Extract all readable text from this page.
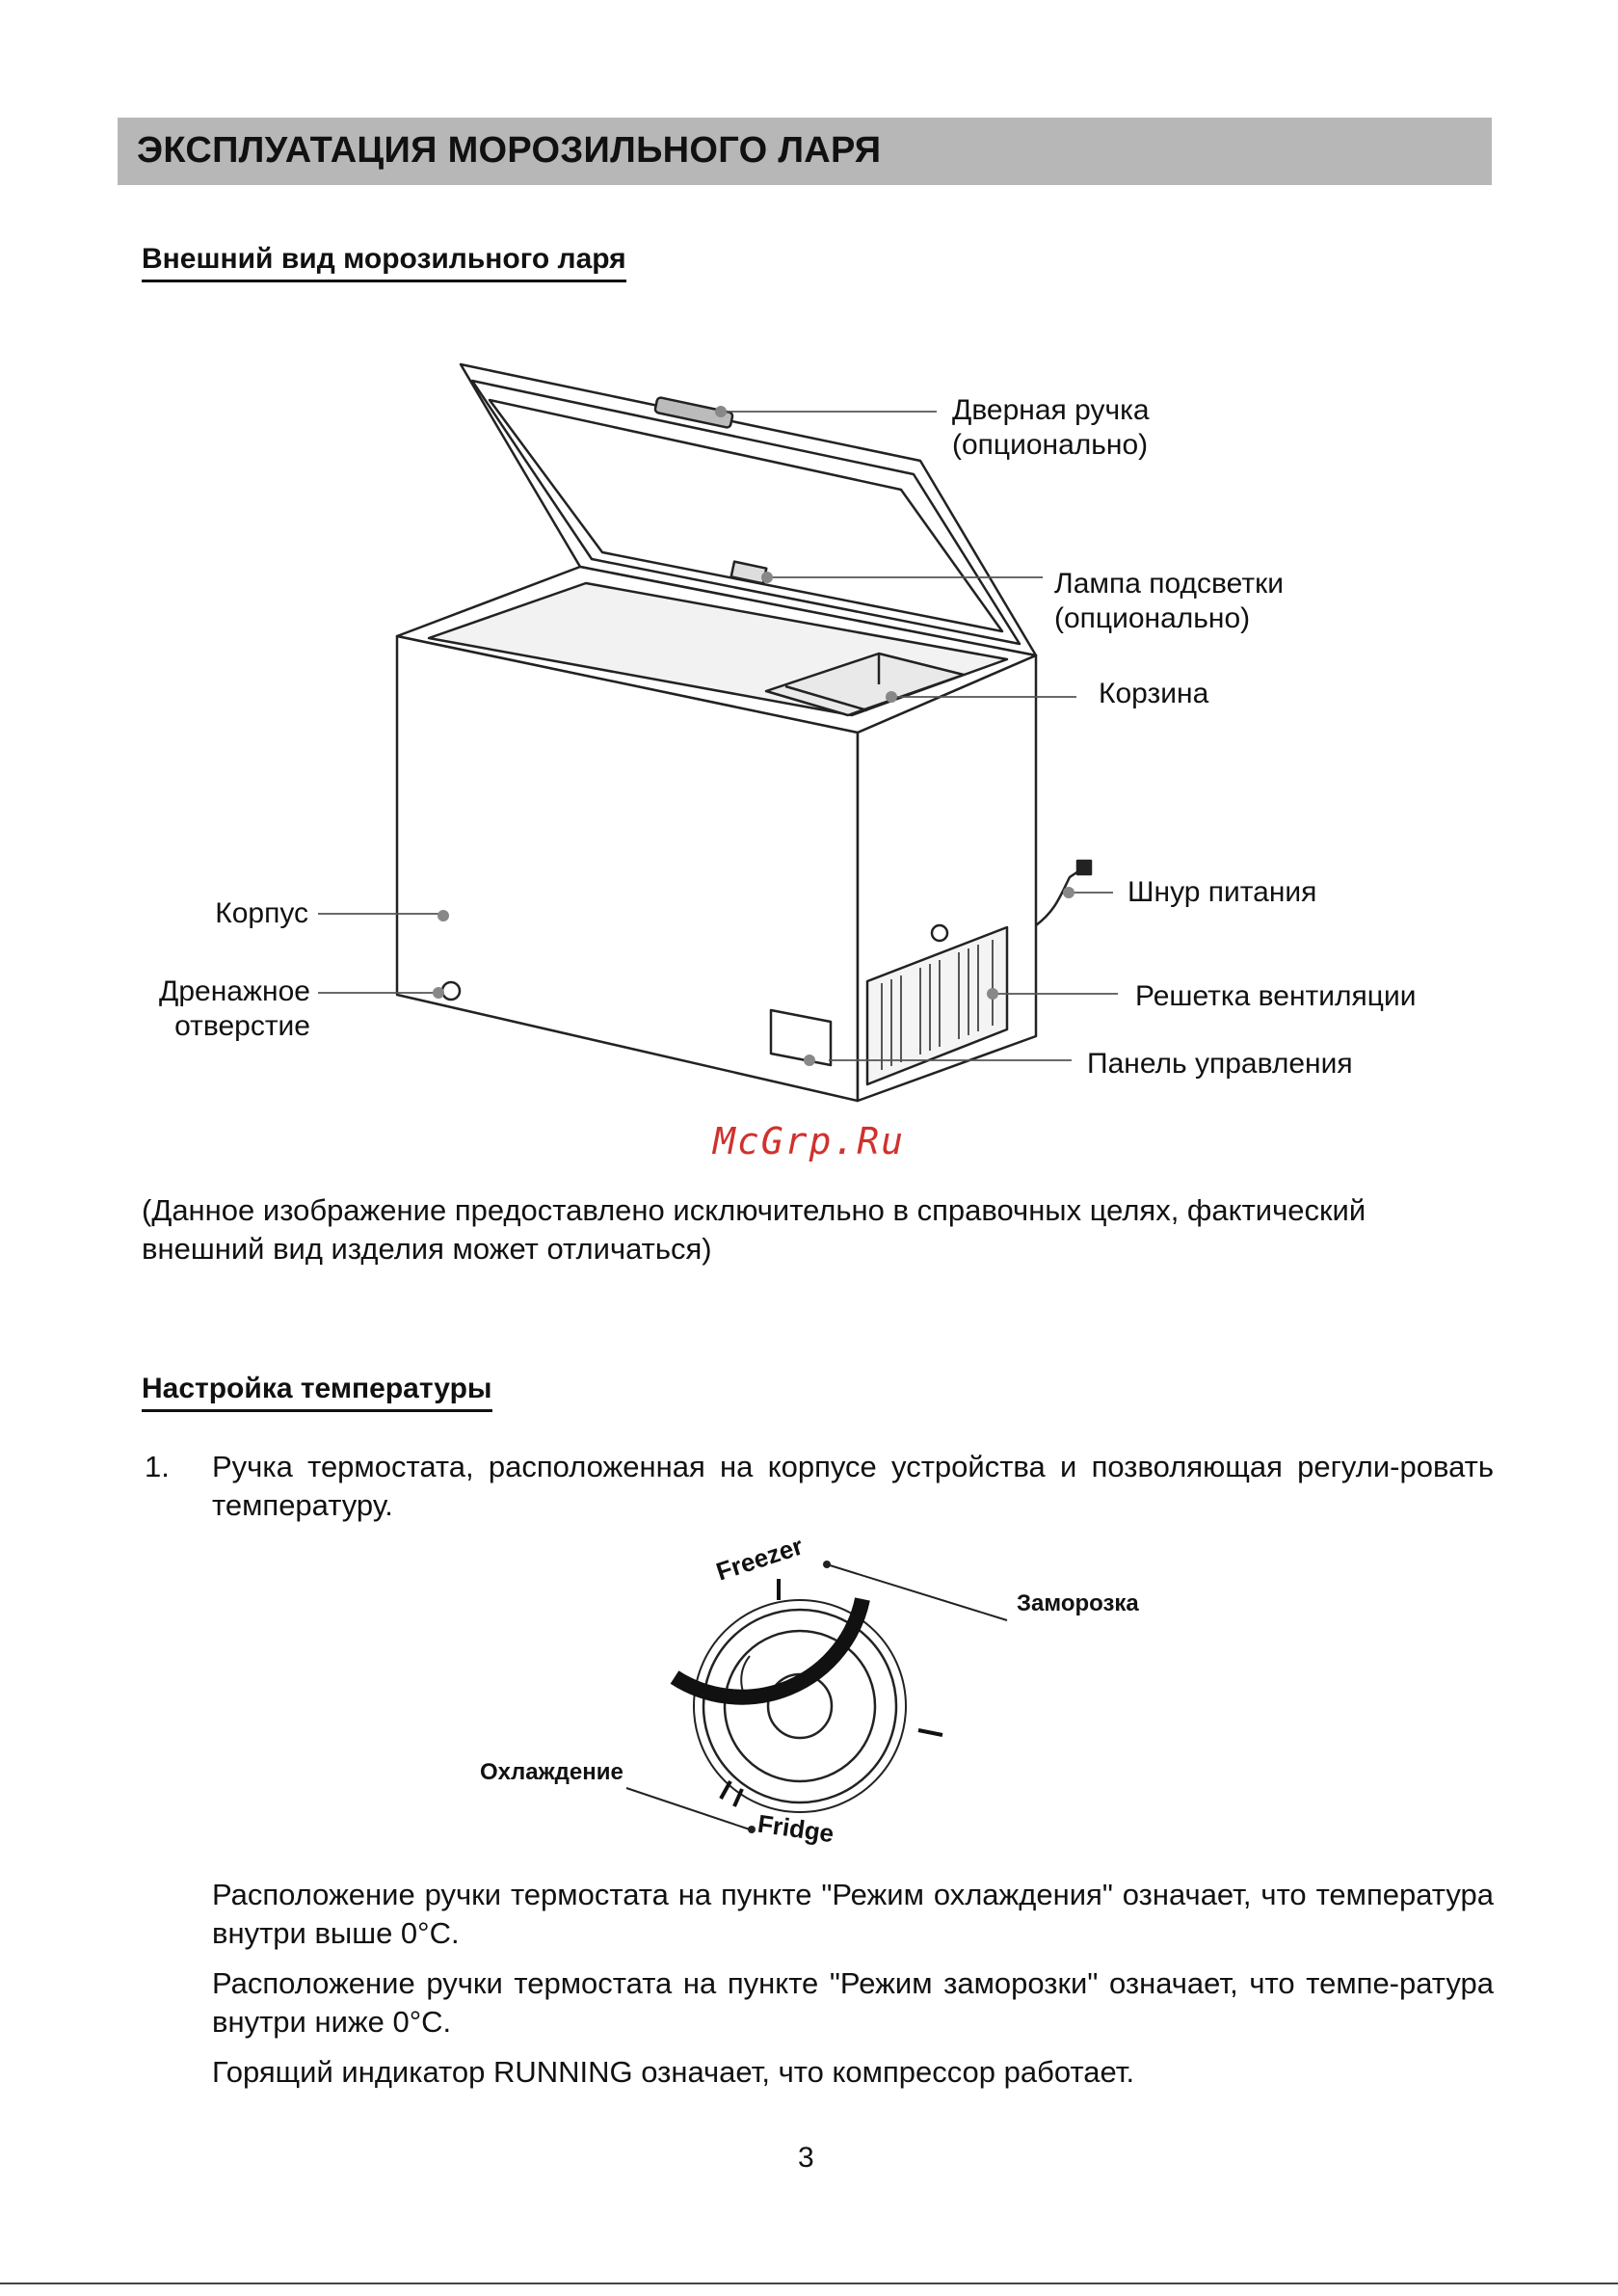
ЭКСПЛУАТАЦИЯ МОРОЗИЛЬНОГО ЛАРЯ
Внешний вид морозильного ларя
Дверная ручка
(опционально)
Лампа подсветки
(опционально)
Корзина
Шнур питания
Решетка вентиляции
Панель управления
Корпус
Дренажное
отверстие
McGrp.Ru
(Данное изображение предоставлено исключительно в справочных целях, фактический внешний вид изделия может отличаться)
Настройка температуры
1.	Ручка термостата, расположенная на корпусе устройства и позволяющая регули-ровать температуру.
Freezer
Fridge
Заморозка
Охлаждение
Расположение ручки термостата на пункте "Режим охлаждения" означает, что температура внутри выше 0°С.
Расположение ручки термостата на пункте "Режим заморозки" означает, что темпе-ратура внутри ниже 0°С.
Горящий индикатор RUNNING означает, что компрессор работает.
3
